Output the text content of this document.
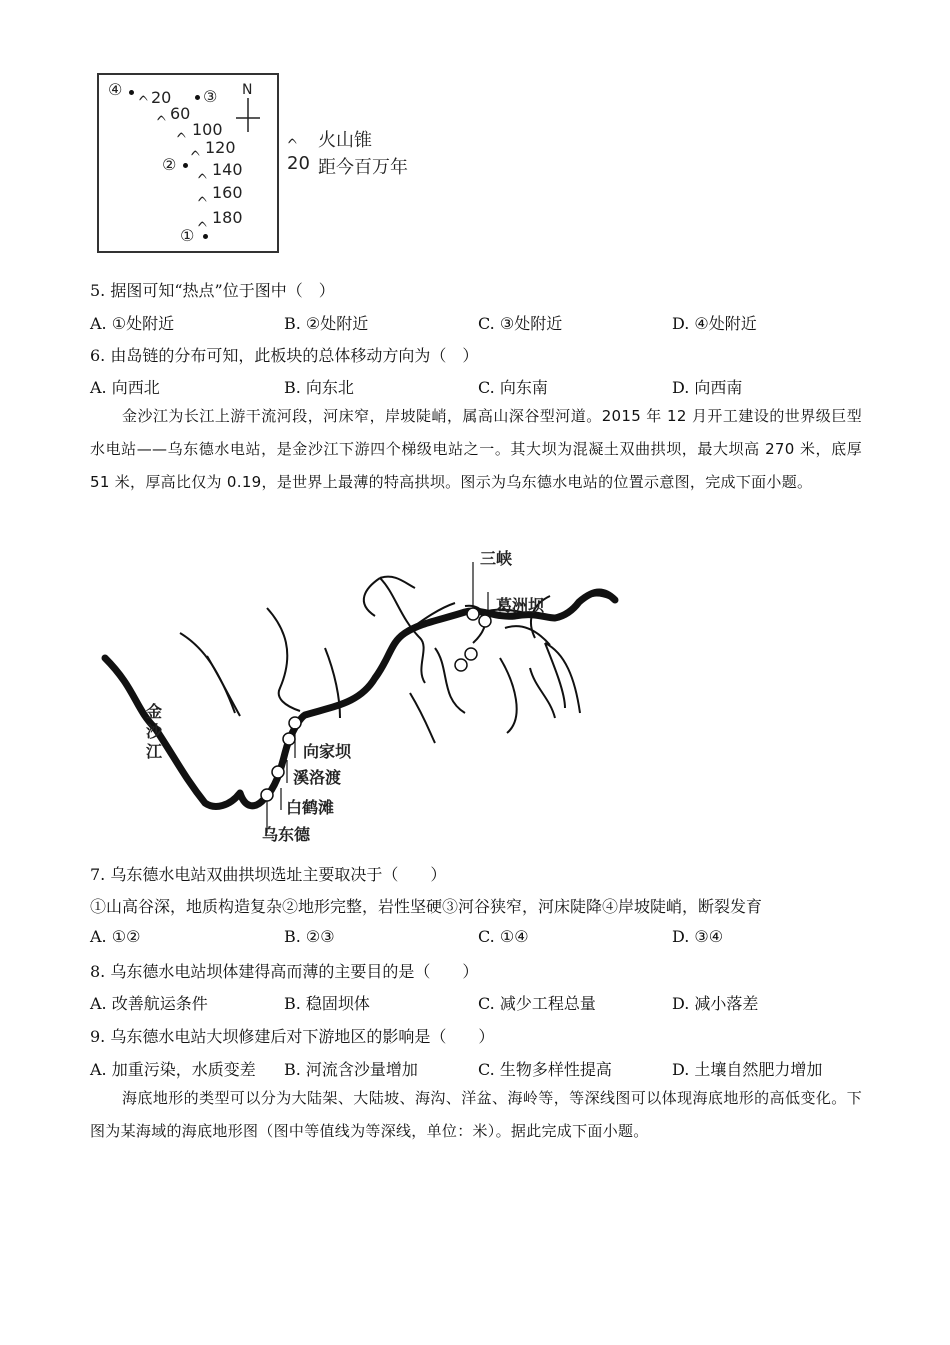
④ ᨈ 20 ③
ᨈ 60
ᨈ 100
ᨈ 120
②
ᨈ 140
ᨈ 160
ᨈ 180
①
N
ᨈ 火山锥
20 距今百万年
5. 据图可知“热点”位于图中（　）
A. ①处附近	B. ②处附近	C. ③处附近	D. ④处附近
6. 由岛链的分布可知，此板块的总体移动方向为（　）
A. 向西北	B. 向东北	C. 向东南	D. 向西南
金沙江为长江上游干流河段，河床窄，岸坡陡峭，属高山深谷型河道。2015 年 12 月开工建设的世界级巨型水电站——乌东德水电站，是金沙江下游四个梯级电站之一。其大坝为混凝土双曲拱坝，最大坝高 270 米，底厚 51 米，厚高比仅为 0.19，是世界上最薄的特高拱坝。图示为乌东德水电站的位置示意图，完成下面小题。
金沙江
三峡
葛洲坝
向家坝
溪洛渡
白鹤滩
乌东德
7. 乌东德水电站双曲拱坝选址主要取决于（　　）
①山高谷深，地质构造复杂②地形完整，岩性坚硬③河谷狭窄，河床陡降④岸坡陡峭，断裂发育
A. ①②	B. ②③	C. ①④	D. ③④
8. 乌东德水电站坝体建得高而薄的主要目的是（　　）
A. 改善航运条件	B. 稳固坝体	C. 减少工程总量	D. 减小落差
9. 乌东德水电站大坝修建后对下游地区的影响是（　　）
A. 加重污染，水质变差 B. 河流含沙量增加	C. 生物多样性提高	D. 土壤自然肥力增加
海底地形的类型可以分为大陆架、大陆坡、海沟、洋盆、海岭等，等深线图可以体现海底地形的高低变化。下图为某海域的海底地形图（图中等值线为等深线，单位：米）。据此完成下面小题。
